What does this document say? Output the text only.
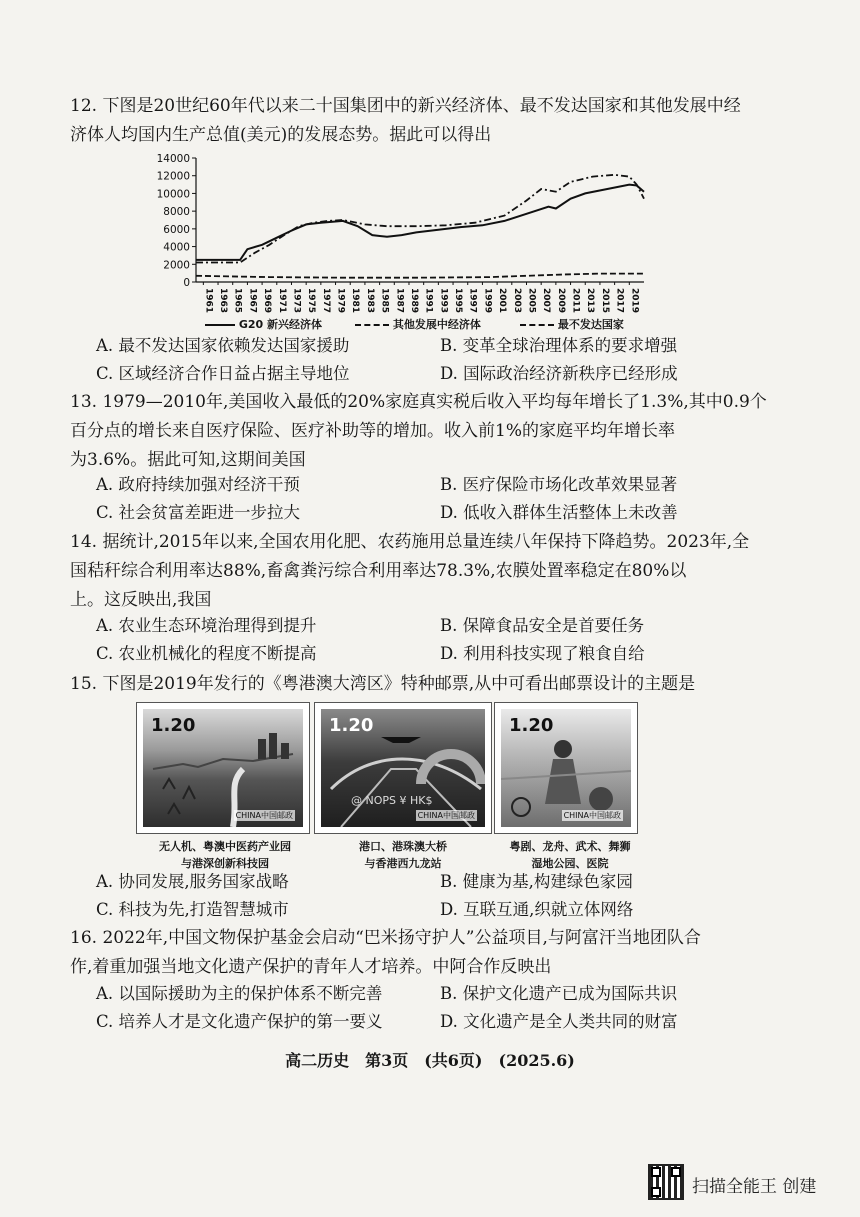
12. 下图是20世纪60年代以来二十国集团中的新兴经济体、最不发达国家和其他发展中经
济体人均国内生产总值(美元)的发展态势。据此可以得出
0
2000
4000
6000
8000
10000
12000
14000
1961 1963 1965 1967 1969 1971 1973 1975 1977 1979 1981 1983 1985 1987 1989 1991 1993 1995 1997 1999 2001 2003 2005 2007 2009 2011 2013 2015 2017 2019
G20 新兴经济体	其他发展中经济体	最不发达国家
A. 最不发达国家依赖发达国家援助	B. 变革全球治理体系的要求增强
C. 区域经济合作日益占据主导地位	D. 国际政治经济新秩序已经形成
13. 1979—2010年,美国收入最低的20%家庭真实税后收入平均每年增长了1.3%,其中0.9个
百分点的增长来自医疗保险、医疗补助等的增加。收入前1%的家庭平均年增长率
为3.6%。据此可知,这期间美国
A. 政府持续加强对经济干预	B. 医疗保险市场化改革效果显著
C. 社会贫富差距进一步拉大	D. 低收入群体生活整体上未改善
14. 据统计,2015年以来,全国农用化肥、农药施用总量连续八年保持下降趋势。2023年,全
国秸秆综合利用率达88%,畜禽粪污综合利用率达78.3%,农膜处置率稳定在80%以
上。这反映出,我国
A. 农业生态环境治理得到提升	B. 保障食品安全是首要任务
C. 农业机械化的程度不断提高	D. 利用科技实现了粮食自给
15. 下图是2019年发行的《粤港澳大湾区》特种邮票,从中可看出邮票设计的主题是
1.20
CHINA中国邮政
@ NOPS ¥ HK$
1.20
CHINA中国邮政
1.20
CHINA中国邮政
无人机、粤澳中医药产业园
与港深创新科技园
港口、港珠澳大桥
与香港西九龙站
粤剧、龙舟、武术、舞狮
湿地公园、医院
A. 协同发展,服务国家战略	B. 健康为基,构建绿色家园
C. 科技为先,打造智慧城市	D. 互联互通,织就立体网络
16. 2022年,中国文物保护基金会启动“巴米扬守护人”公益项目,与阿富汗当地团队合
作,着重加强当地文化遗产保护的青年人才培养。中阿合作反映出
A. 以国际援助为主的保护体系不断完善	B. 保护文化遗产已成为国际共识
C. 培养人才是文化遗产保护的第一要义	D. 文化遗产是全人类共同的财富
高二历史　第3页　(共6页)　(2025.6)
扫描全能王 创建
